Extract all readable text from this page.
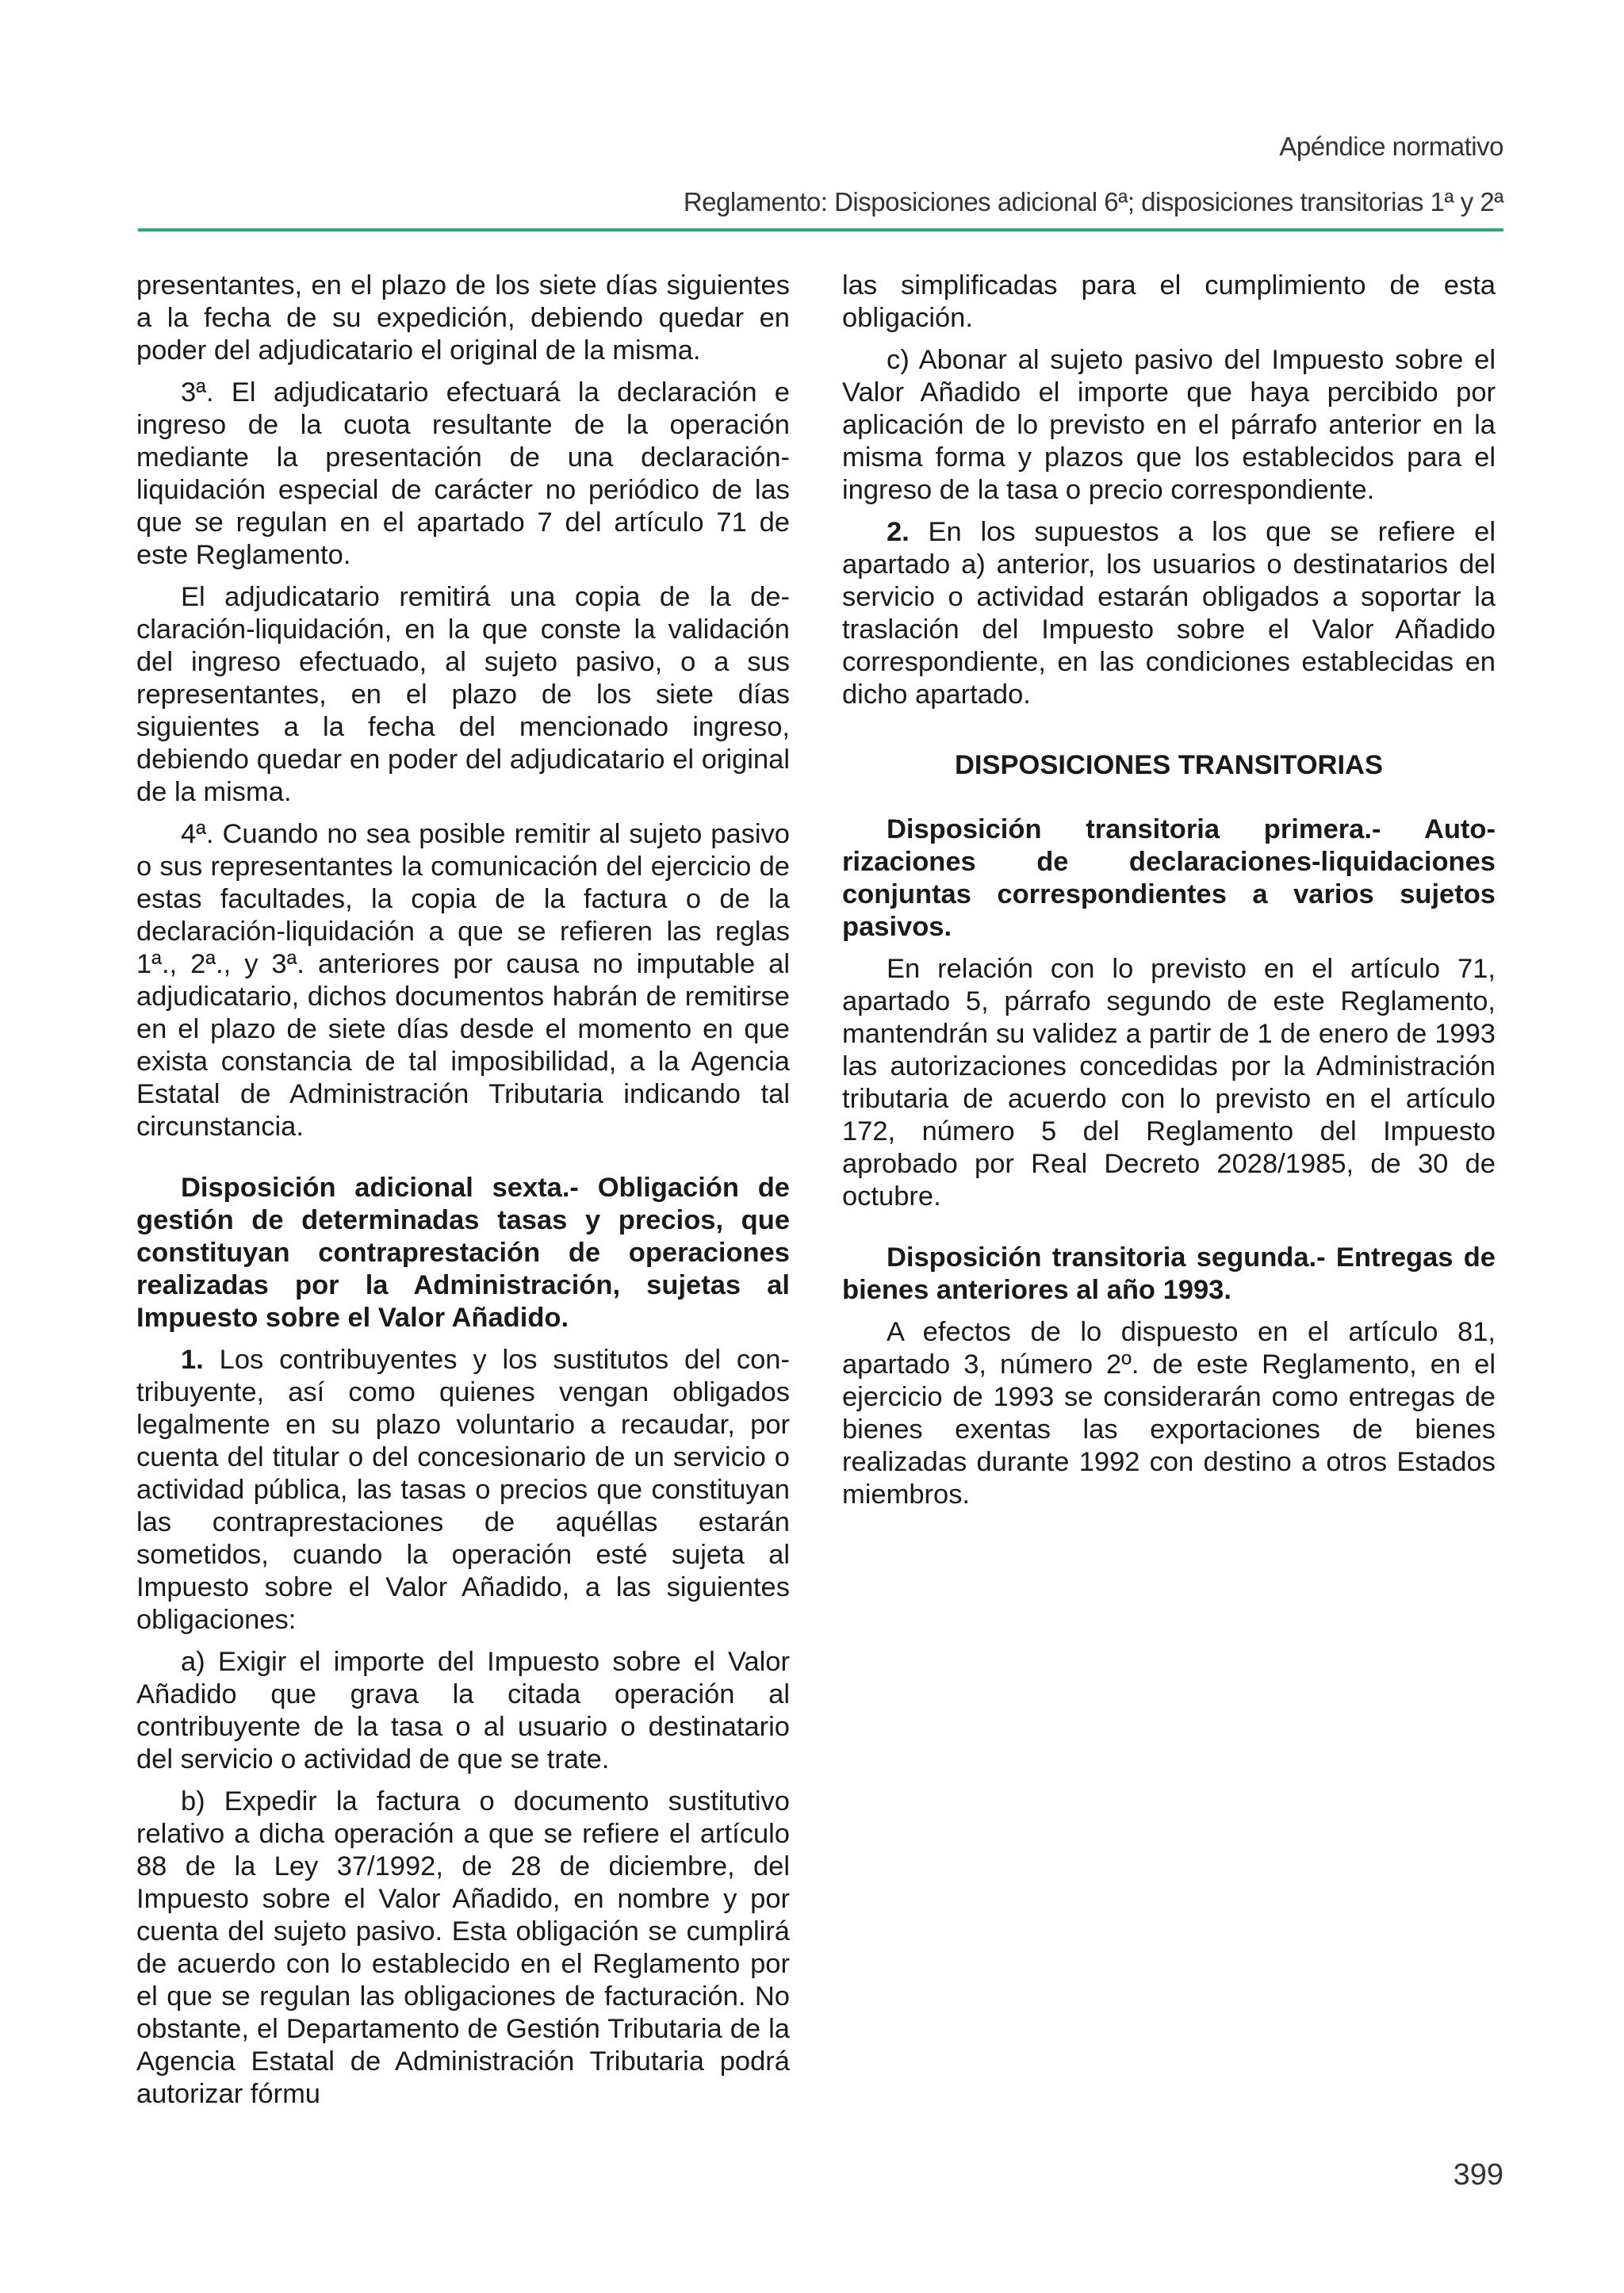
Apéndice normativo
Reglamento: Disposiciones adicional 6ª; disposiciones transitorias 1ª y 2ª

presentantes, en el plazo de los siete días siguientes a la fecha de su expedición, debiendo quedar en poder del adjudicatario el original de la misma.

3ª. El adjudicatario efectuará la declaración e ingreso de la cuota resultante de la operación mediante la presentación de una declaración-liquidación especial de carácter no periódico de las que se regulan en el apartado 7 del artículo 71 de este Reglamento.

El adjudicatario remitirá una copia de la declaración-liquidación, en la que conste la validación del ingreso efectuado, al sujeto pasivo, o a sus representantes, en el plazo de los siete días siguientes a la fecha del mencionado ingreso, debiendo quedar en poder del adjudicatario el original de la misma.

4ª. Cuando no sea posible remitir al sujeto pasivo o sus representantes la comunicación del ejercicio de estas facultades, la copia de la factura o de la declaración-liquidación a que se refieren las reglas 1ª., 2ª., y 3ª. anteriores por causa no imputable al adjudicatario, dichos documentos habrán de remitirse en el plazo de siete días desde el momento en que exista constancia de tal imposibilidad, a la Agencia Estatal de Administración Tributaria indicando tal circunstancia.

Disposición adicional sexta.- Obligación de gestión de determinadas tasas y precios, que constituyan contraprestación de operaciones realizadas por la Administración, sujetas al Impuesto sobre el Valor Añadido.

1. Los contribuyentes y los sustitutos del contribuyente, así como quienes vengan obligados legalmente en su plazo voluntario a recaudar, por cuenta del titular o del concesionario de un servicio o actividad pública, las tasas o precios que constituyan las contraprestaciones de aquéllas estarán sometidos, cuando la operación esté sujeta al Impuesto sobre el Valor Añadido, a las siguientes obligaciones:

a) Exigir el importe del Impuesto sobre el Valor Añadido que grava la citada operación al contribuyente de la tasa o al usuario o destinatario del servicio o actividad de que se trate.

b) Expedir la factura o documento sustitutivo relativo a dicha operación a que se refiere el artículo 88 de la Ley 37/1992, de 28 de diciembre, del Impuesto sobre el Valor Añadido, en nombre y por cuenta del sujeto pasivo. Esta obligación se cumplirá de acuerdo con lo establecido en el Reglamento por el que se regulan las obligaciones de facturación. No obstante, el Departamento de Gestión Tributaria de la Agencia Estatal de Administración Tributaria podrá autorizar fórmu

las simplificadas para el cumplimiento de esta obligación.

c) Abonar al sujeto pasivo del Impuesto sobre el Valor Añadido el importe que haya percibido por aplicación de lo previsto en el párrafo anterior en la misma forma y plazos que los establecidos para el ingreso de la tasa o precio correspondiente.

2. En los supuestos a los que se refiere el apartado a) anterior, los usuarios o destinatarios del servicio o actividad estarán obligados a soportar la traslación del Impuesto sobre el Valor Añadido correspondiente, en las condiciones establecidas en dicho apartado.

DISPOSICIONES TRANSITORIAS
Disposición transitoria primera.- Autorizaciones de declaraciones-liquidaciones conjuntas correspondientes a varios sujetos pasivos.

En relación con lo previsto en el artículo 71, apartado 5, párrafo segundo de este Reglamento, mantendrán su validez a partir de 1 de enero de 1993 las autorizaciones concedidas por la Administración tributaria de acuerdo con lo previsto en el artículo 172, número 5 del Reglamento del Impuesto aprobado por Real Decreto 2028/1985, de 30 de octubre.

Disposición transitoria segunda.- Entregas de bienes anteriores al año 1993.

A efectos de lo dispuesto en el artículo 81, apartado 3, número 2º. de este Reglamento, en el ejercicio de 1993 se considerarán como entregas de bienes exentas las exportaciones de bienes realizadas durante 1992 con destino a otros Estados miembros.

399
